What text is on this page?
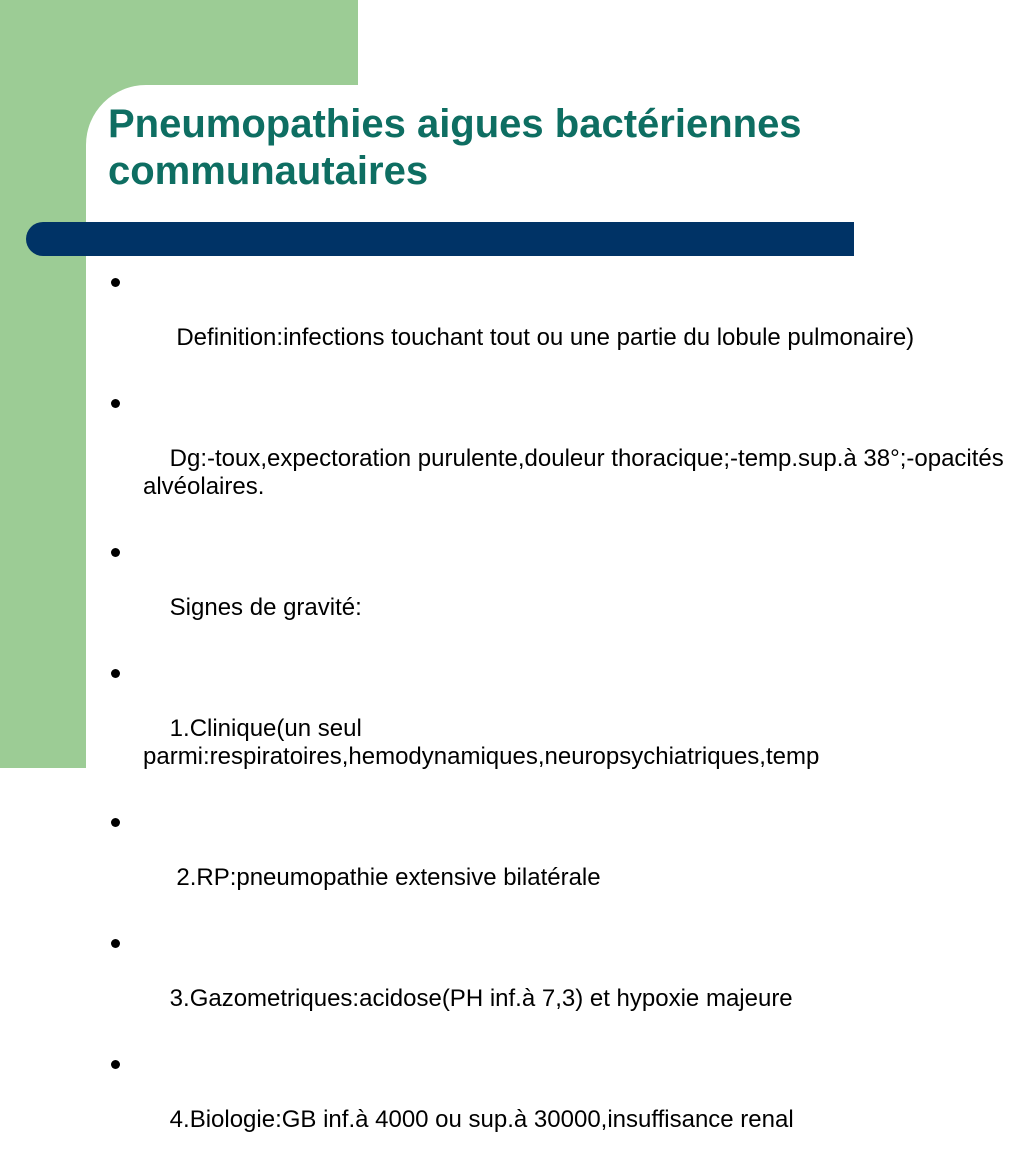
Pneumopathies aigues bactériennes communautaires

Definition:infections touchant tout ou une partie du lobule pulmonaire)

Dg:-toux,expectoration purulente,douleur thoracique;-temp.sup.à 38°;-opacités alvéolaires.

Signes de gravité:

1.Clinique(un seul parmi:respiratoires,hemodynamiques,neuropsychiatriques,temp

2.RP:pneumopathie extensive bilatérale

3.Gazometriques:acidose(PH inf.à 7,3) et hypoxie majeure

4.Biologie:GB inf.à 4000 ou sup.à 30000,insuffisance renal
